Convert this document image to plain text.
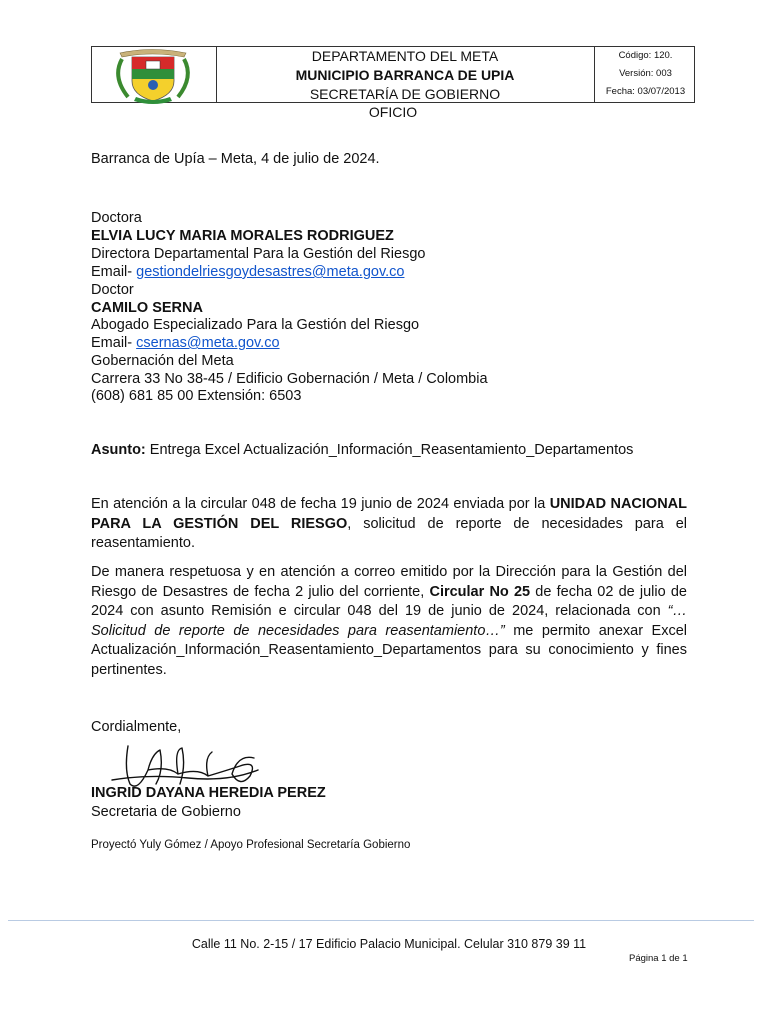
DEPARTAMENTO DEL META
MUNICIPIO BARRANCA DE UPIA
SECRETARÍA DE GOBIERNO
Código: 120.
Versión: 003
Fecha: 03/07/2013
OFICIO
Barranca de Upía – Meta, 4 de julio de 2024.
Doctora
ELVIA LUCY MARIA MORALES RODRIGUEZ
Directora Departamental Para la Gestión del Riesgo
Email- gestiondelriesgoydesastres@meta.gov.co
Doctor
CAMILO SERNA
Abogado Especializado Para la Gestión del Riesgo
Email- csernas@meta.gov.co
Gobernación del Meta
Carrera 33 No 38-45 / Edificio Gobernación / Meta / Colombia
(608) 681 85 00 Extensión: 6503
Asunto: Entrega Excel Actualización_Información_Reasentamiento_Departamentos
En atención a la circular 048 de fecha 19 junio de 2024 enviada por la UNIDAD NACIONAL PARA LA GESTIÓN DEL RIESGO, solicitud de reporte de necesidades para el reasentamiento.
De manera respetuosa y en atención a correo emitido por la Dirección para la Gestión del Riesgo de Desastres de fecha 2 julio del corriente, Circular No 25 de fecha 02 de julio de 2024 con asunto Remisión e circular 048 del 19 de junio de 2024, relacionada con “…Solicitud de reporte de necesidades para reasentamiento…” me permito anexar Excel Actualización_Información_Reasentamiento_Departamentos para su conocimiento y fines pertinentes.
Cordialmente,
INGRID DAYANA HEREDIA PEREZ
Secretaria de Gobierno
Proyectó Yuly Gómez / Apoyo Profesional Secretaría Gobierno
Calle 11 No. 2-15 / 17 Edificio Palacio Municipal. Celular 310 879 39 11
Página 1 de 1
